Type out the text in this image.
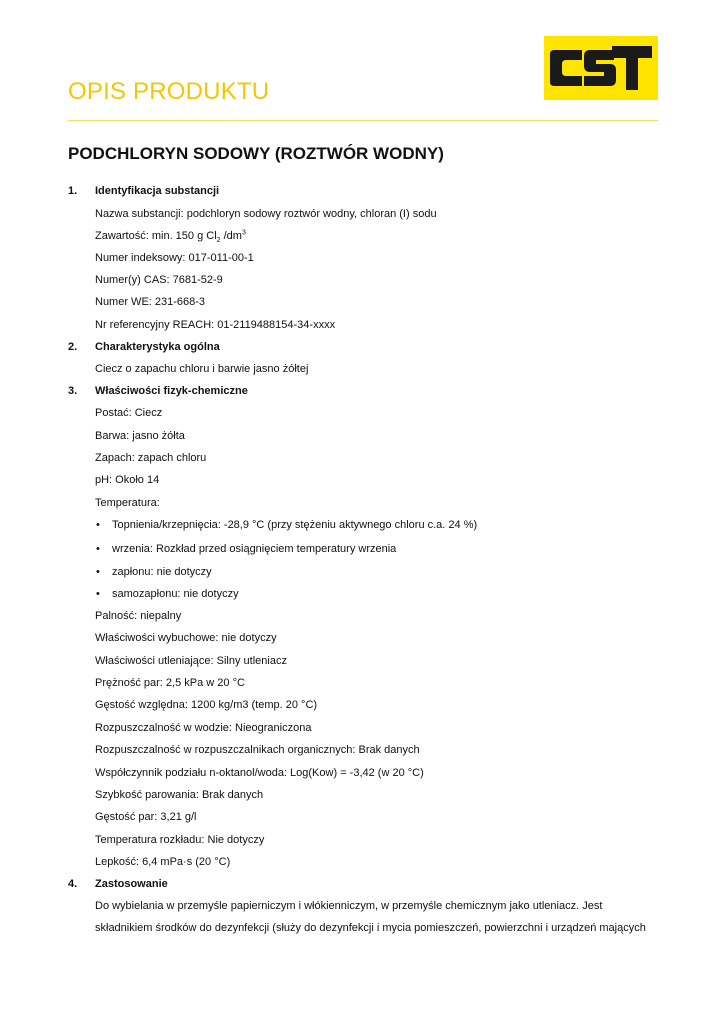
OPIS PRODUKTU
PODCHLORYN SODOWY (ROZTWÓR WODNY)
1. Identyfikacja substancji
Nazwa substancji: podchloryn sodowy roztwór wodny, chloran (I) sodu
Zawartość: min. 150 g $Cl_2$ $/dm^3$
Numer indeksowy: 017-011-00-1
Numer(y) CAS: 7681-52-9
Numer WE: 231-668-3
Nr referencyjny REACH: 01-2119488154-34-xxxx
2. Charakterystyka ogólna
Ciecz o zapachu chloru i barwie jasno żółtej
3. Właściwości fizyk-chemiczne
Postać: Ciecz
Barwa: jasno żółta
Zapach: zapach chloru
pH: Około 14
Temperatura:
• Topnienia/krzepnięcia: -28,9 °C (przy stężeniu aktywnego chloru c.a. 24 %)
• wrzenia: Rozkład przed osiągnięciem temperatury wrzenia
• zapłonu: nie dotyczy
• samozapłonu: nie dotyczy
Palność: niepalny
Właściwości wybuchowe: nie dotyczy
Właściwości utleniające: Silny utleniacz
Prężność par: 2,5 kPa w 20 °C
Gęstość względna: 1200 kg/m3 (temp. 20 °C)
Rozpuszczalność w wodzie: Nieograniczona
Rozpuszczalność w rozpuszczalnikach organicznych: Brak danych
Współczynnik podziału n-oktanol/woda: Log(Kow) = -3,42 (w 20 °C)
Szybkość parowania: Brak danych
Gęstość par: 3,21 g/l
Temperatura rozkładu: Nie dotyczy
Lepkość: 6,4 mPa·s (20 °C)
4. Zastosowanie
Do wybielania w przemyśle papierniczym i włókienniczym, w przemyśle chemicznym jako utleniacz. Jest
składnikiem środków do dezynfekcji (służy do dezynfekcji i mycia pomieszczeń, powierzchni i urządzeń mających
